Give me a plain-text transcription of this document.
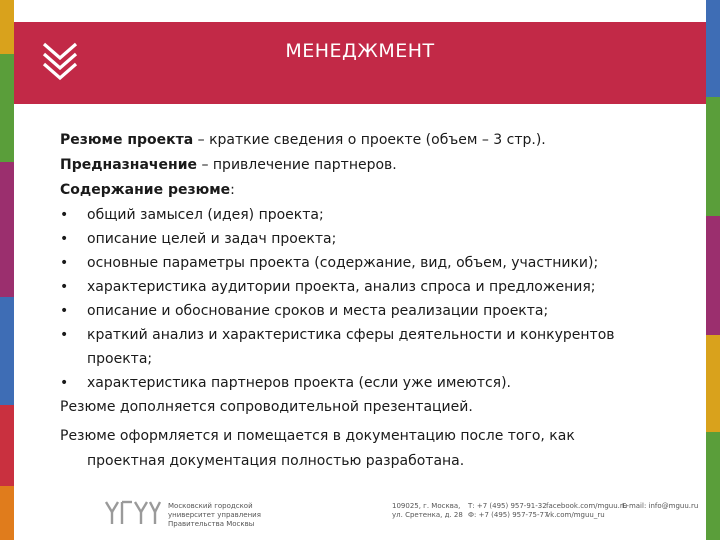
МЕНЕДЖМЕНТ

Резюме проекта – краткие сведения о проекте (объем – 3 стр.).

Предназначение – привлечение партнеров.

Содержание резюме:

•	общий замысел (идея) проекта;
•	описание целей и задач проекта;
•	основные параметры проекта (содержание, вид, объем, участники);
•	характеристика аудитории проекта, анализ спроса и предложения;
•	описание и обоснование сроков и места реализации проекта;
•	краткий анализ и характеристика сферы деятельности и конкурентов проекта;
•	характеристика партнеров проекта (если уже имеются).

Резюме дополняется сопроводительной презентацией.

Резюме оформляется и помещается в документацию после того, как

проектная документация полностью разработана.

Московский городской
университет управления
Правительства Москвы
109025, г. Москва,
ул. Сретенка, д. 28
Т: +7 (495) 957-91-32
Ф: +7 (495) 957-75-77
facebook.com/mguu.ru
vk.com/mguu_ru
E-mail: info@mguu.ru
